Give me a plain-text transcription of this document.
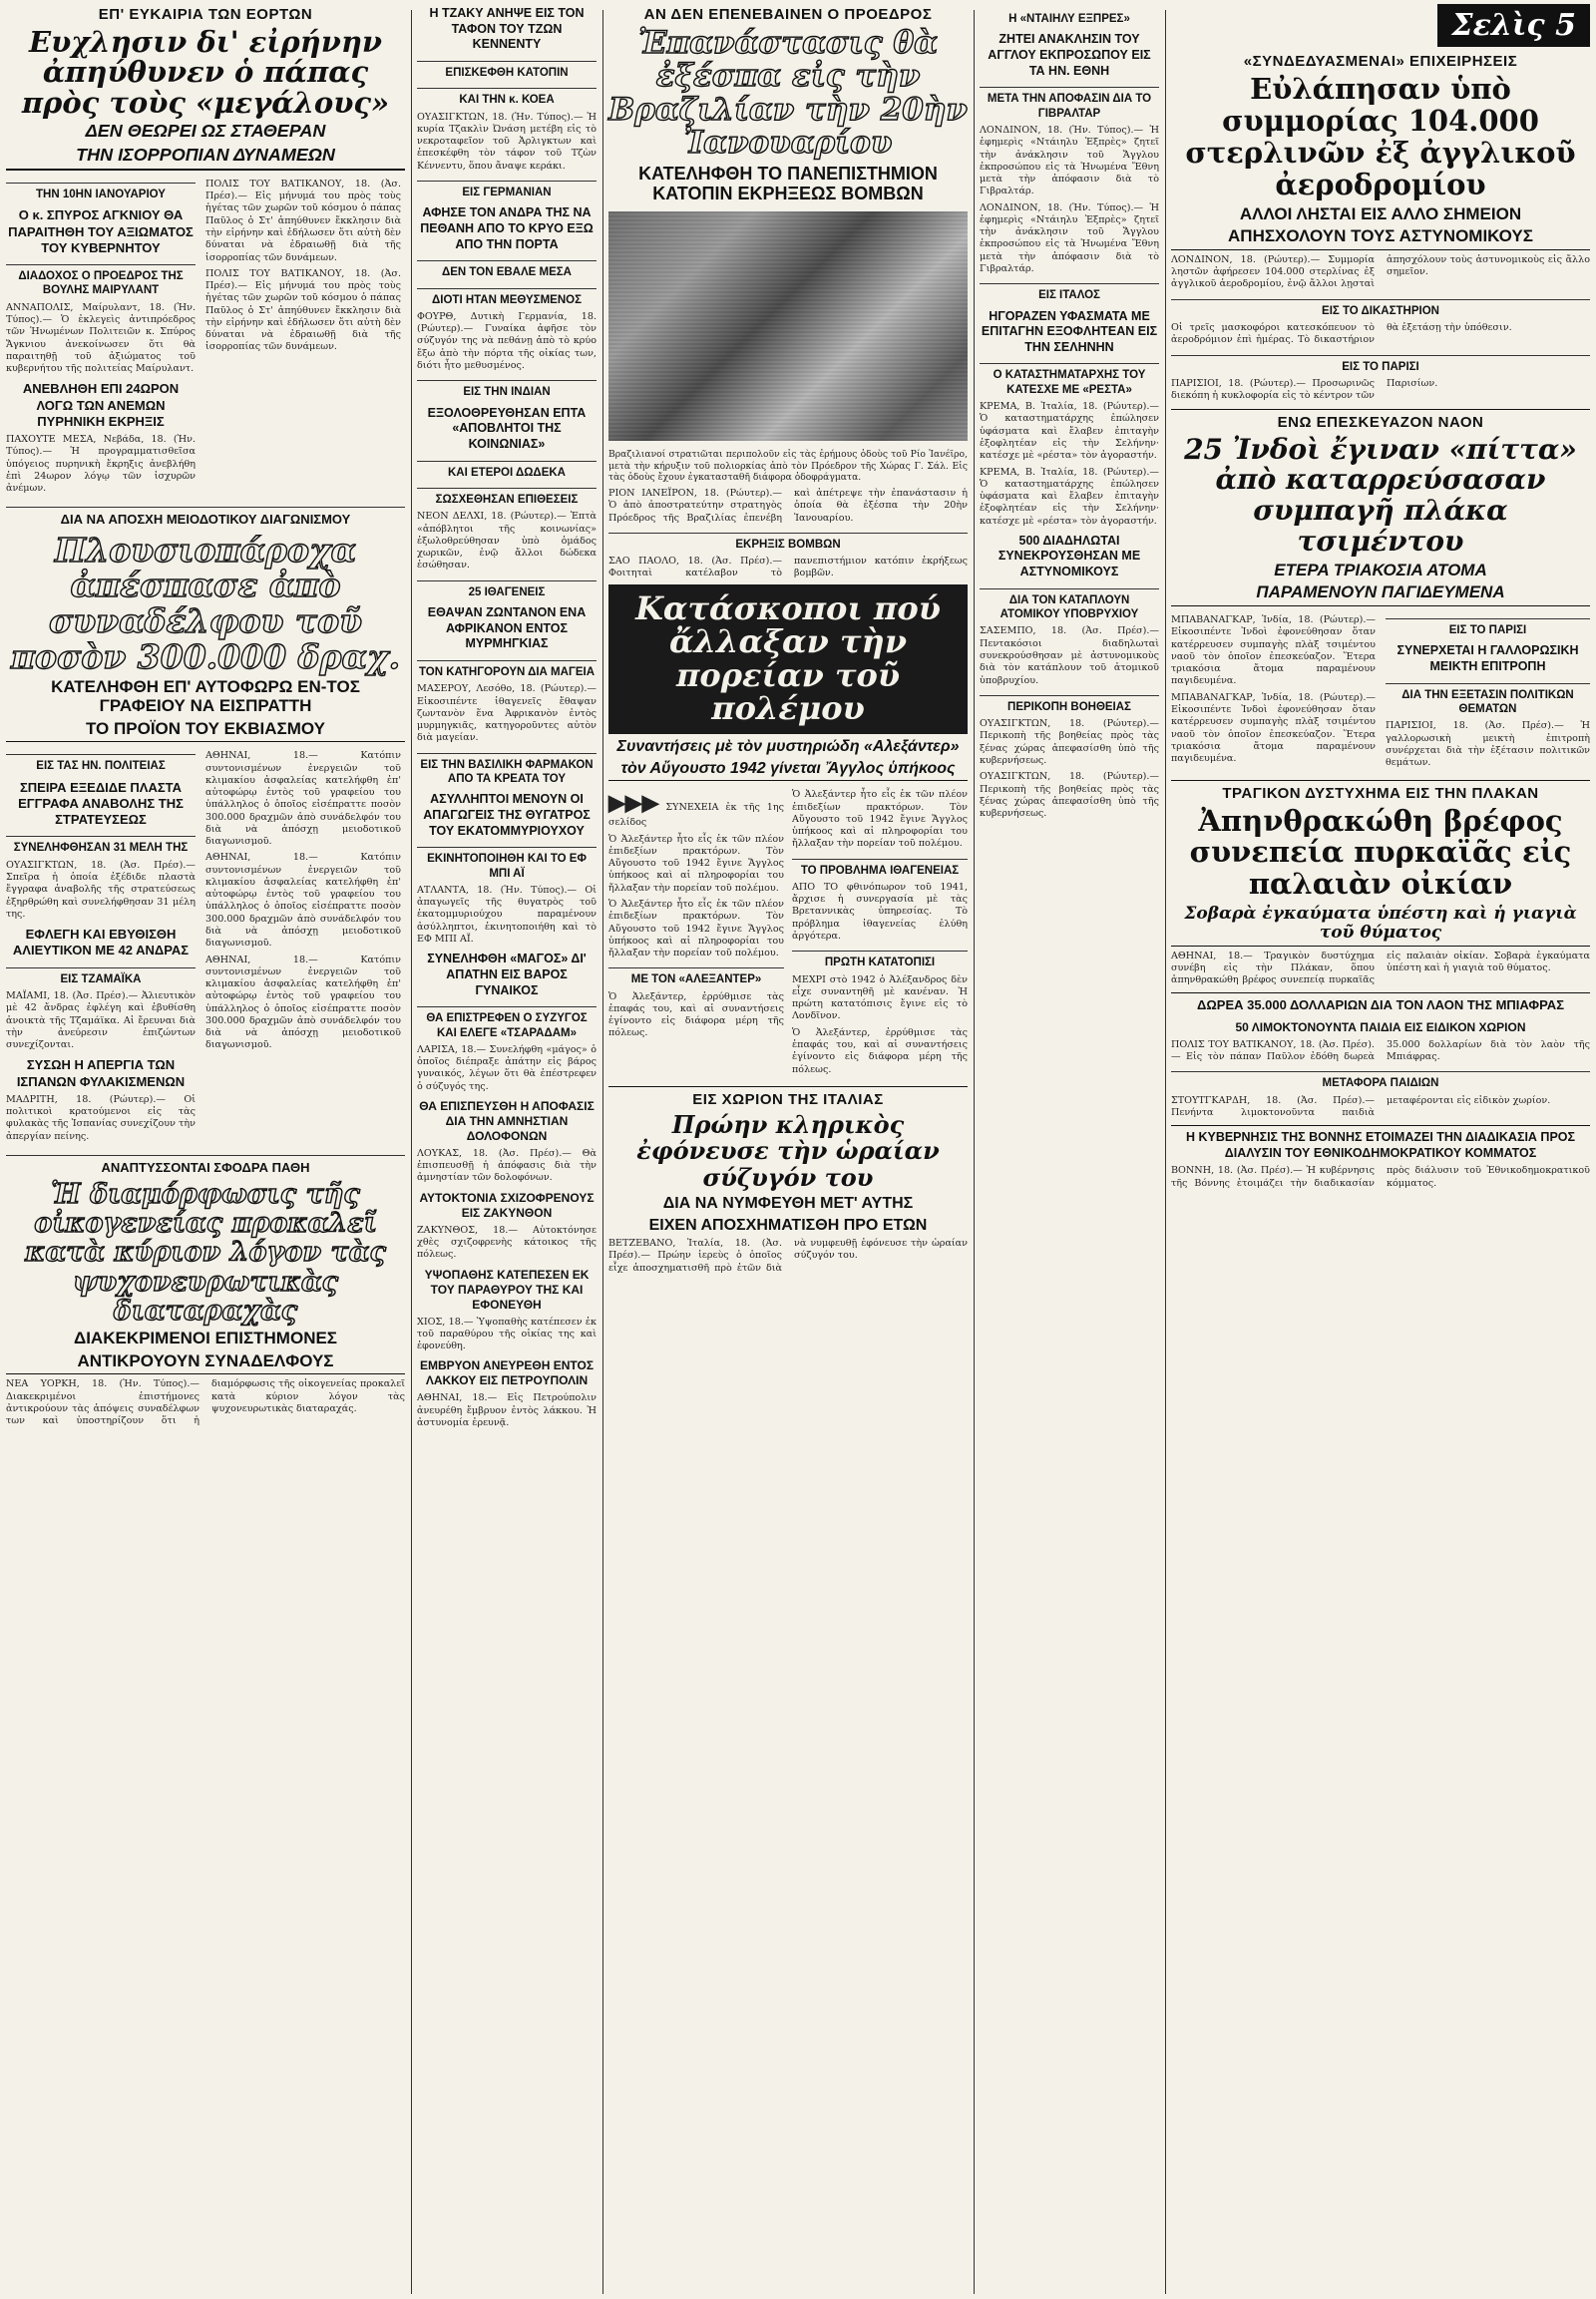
ΕΠ' ΕΥΚΑΙΡΙΑ ΤΩΝ ΕΟΡΤΩΝ
Ευχλησιν δι' εἰρήνην ἀπηύθυνεν ὁ πάπας πρὸς τοὺς «μεγάλους»
ΔΕΝ ΘΕΩΡΕΙ ΩΣ ΣΤΑΘΕΡΑΝ
ΤΗΝ ΙΣΟΡΡΟΠΙΑΝ ΔΥΝΑΜΕΩΝ
ΤΗΝ 10ΗΝ ΙΑΝΟΥΑΡΙΟΥ
Ο κ. ΣΠΥΡΟΣ ΑΓΚΝΙΟΥ ΘΑ ΠΑΡΑΙΤΗΘΗ ΤΟΥ ΑΞΙΩΜΑΤΟΣ ΤΟΥ ΚΥΒΕΡΝΗΤΟΥ
ΔΙΑΔΟΧΟΣ Ο ΠΡΟΕΔΡΟΣ ΤΗΣ ΒΟΥΛΗΣ ΜΑΙΡΥΛΑΝΤ
ΑΝΝΑΠΟΛΙΣ, Μαίρυλαντ, 18. (Ἡν. Τύπος).— Ὁ ἐκλεγεὶς ἀντιπρόεδρος τῶν Ἡνωμένων Πολιτειῶν κ. Σπύρος Ἄγκνιου ἀνεκοίνωσεν ὅτι θὰ παραιτηθῇ τοῦ ἀξιώματος τοῦ κυβερνήτου τῆς πολιτείας Μαίρυλαντ.
ΑΝΕΒΛΗΘΗ ΕΠΙ 24ΩΡΟΝ ΛΟΓΩ ΤΩΝ ΑΝΕΜΩΝ ΠΥΡΗΝΙΚΗ ΕΚΡΗΞΙΣ
ΠΑΧΟΥΤΕ ΜΕΣΑ, Νεβάδα, 18. (Ἡν. Τύπος).— Ἡ προγραμματισθεῖσα ὑπόγειος πυρηνικὴ ἔκρηξις ἀνεβλήθη ἐπὶ 24ωρον λόγῳ τῶν ἰσχυρῶν ἀνέμων.
ΠΟΛΙΣ ΤΟΥ ΒΑΤΙΚΑΝΟΥ, 18. (Ἀσ. Πρέσ).— Εἰς μήνυμά του πρὸς τοὺς ἡγέτας τῶν χωρῶν τοῦ κόσμου ὁ πάπας Παῦλος ὁ Στ' ἀπηύθυνεν ἔκκλησιν διὰ τὴν εἰρήνην καὶ ἐδήλωσεν ὅτι αὐτὴ δὲν δύναται νὰ ἐδραιωθῇ διὰ τῆς ἰσορροπίας τῶν δυνάμεων.
ΠΟΛΙΣ ΤΟΥ ΒΑΤΙΚΑΝΟΥ, 18. (Ἀσ. Πρέσ).— Εἰς μήνυμά του πρὸς τοὺς ἡγέτας τῶν χωρῶν τοῦ κόσμου ὁ πάπας Παῦλος ὁ Στ' ἀπηύθυνεν ἔκκλησιν διὰ τὴν εἰρήνην καὶ ἐδήλωσεν ὅτι αὐτὴ δὲν δύναται νὰ ἐδραιωθῇ διὰ τῆς ἰσορροπίας τῶν δυνάμεων.
ΔΙΑ ΝΑ ΑΠΟΣΧΗ ΜΕΙΟΔΟΤΙΚΟΥ ΔΙΑΓΩΝΙΣΜΟΥ
Πλουσιοπάροχα ἀπέσπασε ἀπὸ συναδέλφου τοῦ ποσὸν 300.000 δραχ.
ΚΑΤΕΛΗΦΘΗ ΕΠ' ΑΥΤΟΦΩΡΩ ΕΝ-ΤΟΣ ΓΡΑΦΕΙΟΥ ΝΑ ΕΙΣΠΡΑΤΤΗ
ΤΟ ΠΡΟΪΟΝ ΤΟΥ ΕΚΒΙΑΣΜΟΥ
ΕΙΣ ΤΑΣ ΗΝ. ΠΟΛΙΤΕΙΑΣ
ΣΠΕΙΡΑ ΕΞΕΔΙΔΕ ΠΛΑΣΤΑ ΕΓΓΡΑΦΑ ΑΝΑΒΟΛΗΣ ΤΗΣ ΣΤΡΑΤΕΥΣΕΩΣ
ΣΥΝΕΛΗΦΘΗΣΑΝ 31 ΜΕΛΗ ΤΗΣ
ΟΥΑΣΙΓΚΤΩΝ, 18. (Ἀσ. Πρέσ).— Σπεῖρα ἡ ὁποία ἐξέδιδε πλαστὰ ἔγγραφα ἀναβολῆς τῆς στρατεύσεως ἐξηρθρώθη καὶ συνελήφθησαν 31 μέλη της.
ΕΦΛΕΓΗ ΚΑΙ ΕΒΥΘΙΣΘΗ ΑΛΙΕΥΤΙΚΟΝ ΜΕ 42 ΑΝΔΡΑΣ
ΕΙΣ ΤΖΑΜΑΪΚΑ
ΜΑΪΑΜΙ, 18. (Ἀσ. Πρέσ).— Ἀλιευτικὸν μὲ 42 ἄνδρας ἐφλέγη καὶ ἐβυθίσθη ἀνοικτὰ τῆς Τζαμάϊκα. Αἱ ἔρευναι διὰ τὴν ἀνεύρεσιν ἐπιζώντων συνεχίζονται.
ΣΥΣΩΗ Η ΑΠΕΡΓΙΑ ΤΩΝ ΙΣΠΑΝΩΝ ΦΥΛΑΚΙΣΜΕΝΩΝ
ΜΑΔΡΙΤΗ, 18. (Ρώυτερ).— Οἱ πολιτικοὶ κρατούμενοι εἰς τὰς φυλακὰς τῆς Ἰσπανίας συνεχίζουν τὴν ἀπεργίαν πείνης.
ΑΘΗΝΑΙ, 18.— Κατόπιν συντονισμένων ἐνεργειῶν τοῦ κλιμακίου ἀσφαλείας κατελήφθη ἐπ' αὐτοφώρῳ ἐντὸς τοῦ γραφείου του ὑπάλληλος ὁ ὁποῖος εἰσέπραττε ποσὸν 300.000 δραχμῶν ἀπὸ συνάδελφόν του διὰ νὰ ἀπόσχῃ μειοδοτικοῦ διαγωνισμοῦ.
ΑΘΗΝΑΙ, 18.— Κατόπιν συντονισμένων ἐνεργειῶν τοῦ κλιμακίου ἀσφαλείας κατελήφθη ἐπ' αὐτοφώρῳ ἐντὸς τοῦ γραφείου του ὑπάλληλος ὁ ὁποῖος εἰσέπραττε ποσὸν 300.000 δραχμῶν ἀπὸ συνάδελφόν του διὰ νὰ ἀπόσχῃ μειοδοτικοῦ διαγωνισμοῦ.
ΑΘΗΝΑΙ, 18.— Κατόπιν συντονισμένων ἐνεργειῶν τοῦ κλιμακίου ἀσφαλείας κατελήφθη ἐπ' αὐτοφώρῳ ἐντὸς τοῦ γραφείου του ὑπάλληλος ὁ ὁποῖος εἰσέπραττε ποσὸν 300.000 δραχμῶν ἀπὸ συνάδελφόν του διὰ νὰ ἀπόσχῃ μειοδοτικοῦ διαγωνισμοῦ.
ΑΝΑΠΤΥΣΣΟΝΤΑΙ ΣΦΟΔΡΑ ΠΑΘΗ
Ἡ διαμόρφωσις τῆς οἰκογενείας προκαλεῖ κατὰ κύριον λόγον τὰς ψυχονευρωτικὰς διαταραχὰς
ΔΙΑΚΕΚΡΙΜΕΝΟΙ ΕΠΙΣΤΗΜΟΝΕΣ
ΑΝΤΙΚΡΟΥΟΥΝ ΣΥΝΑΔΕΛΦΟΥΣ
ΝΕΑ ΥΟΡΚΗ, 18. (Ἡν. Τύπος).— Διακεκριμένοι ἐπιστήμονες ἀντικρούουν τὰς ἀπόψεις συναδέλφων των καὶ ὑποστηρίζουν ὅτι ἡ διαμόρφωσις τῆς οἰκογενείας προκαλεῖ κατὰ κύριον λόγον τὰς ψυχονευρωτικὰς διαταραχάς.
Η ΤΖΑΚΥ ΑΝΗΨΕ ΕΙΣ ΤΟΝ ΤΑΦΟΝ ΤΟΥ ΤΖΩΝ ΚΕΝΝΕΝΤΥ
ΕΠΙΣΚΕΦΘΗ ΚΑΤΟΠΙΝ
ΚΑΙ ΤΗΝ κ. ΚΟΕΑ
ΟΥΑΣΙΓΚΤΩΝ, 18. (Ἡν. Τύπος).— Ἡ κυρία Τζακλὶν Ὠνάση μετέβη εἰς τὸ νεκροταφεῖον τοῦ Ἀρλιγκτων καὶ ἐπεσκέφθη τὸν τάφον τοῦ Τζὼν Κέννεντυ, ὅπου ἄναψε κεράκι.
ΕΙΣ ΓΕΡΜΑΝΙΑΝ
ΑΦΗΣΕ ΤΟΝ ΑΝΔΡΑ ΤΗΣ ΝΑ ΠΕΘΑΝΗ ΑΠΟ ΤΟ ΚΡΥΟ ΕΞΩ ΑΠΟ ΤΗΝ ΠΟΡΤΑ
ΔΕΝ ΤΟΝ ΕΒΑΛΕ ΜΕΣΑ
ΔΙΟΤΙ ΗΤΑΝ ΜΕΘΥΣΜΕΝΟΣ
ΦΟΥΡΘ, Δυτικὴ Γερμανία, 18. (Ρώυτερ).— Γυναίκα ἀφῆσε τὸν σύζυγόν της νὰ πεθάνῃ ἀπὸ τὸ κρύο ἔξω ἀπὸ τὴν πόρτα τῆς οἰκίας των, διότι ἦτο μεθυσμένος.
ΕΙΣ ΤΗΝ ΙΝΔΙΑΝ
ΕΞΟΛΟΘΡΕΥΘΗΣΑΝ ΕΠΤΑ «ΑΠΟΒΛΗΤΟΙ ΤΗΣ ΚΟΙΝΩΝΙΑΣ»
ΚΑΙ ΕΤΕΡΟΙ ΔΩΔΕΚΑ
ΣΩΣΧΕΘΗΣΑΝ ΕΠΙΘΕΣΕΙΣ
ΝΕΟΝ ΔΕΛΧΙ, 18. (Ρώυτερ).— Ἑπτὰ «ἀπόβλητοι τῆς κοινωνίας» ἐξωλοθρεύθησαν ὑπὸ ὁμάδος χωρικῶν, ἐνῷ ἄλλοι δώδεκα ἐσώθησαν.
25 ΙΘΑΓΕΝΕΙΣ
ΕΘΑΨΑΝ ΖΩΝΤΑΝΟΝ ΕΝΑ ΑΦΡΙΚΑΝΟΝ ΕΝΤΟΣ ΜΥΡΜΗΓΚΙΑΣ
ΤΟΝ ΚΑΤΗΓΟΡΟΥΝ ΔΙΑ ΜΑΓΕΙΑ
ΜΑΣΕΡΟΥ, Λεσόθο, 18. (Ρώυτερ).— Εἰκοσιπέντε ἰθαγενεῖς ἔθαψαν ζωντανὸν ἕνα Ἀφρικανὸν ἐντὸς μυρμηγκιᾶς, κατηγοροῦντες αὐτὸν διὰ μαγείαν.
ΕΙΣ ΤΗΝ ΒΑΣΙΛΙΚΗ ΦΑΡΜΑΚΟΝ ΑΠΟ ΤΑ ΚΡΕΑΤΑ ΤΟΥ
ΑΣΥΛΛΗΠΤΟΙ ΜΕΝΟΥΝ ΟΙ ΑΠΑΓΩΓΕΙΣ ΤΗΣ ΘΥΓΑΤΡΟΣ ΤΟΥ ΕΚΑΤΟΜΜΥΡΙΟΥΧΟΥ
ΕΚΙΝΗΤΟΠΟΙΗΘΗ ΚΑΙ ΤΟ ΕΦ ΜΠΙ ΑΪ
ΑΤΛΑΝΤΑ, 18. (Ἡν. Τύπος).— Οἱ ἀπαγωγεῖς τῆς θυγατρὸς τοῦ ἑκατομμυριούχου παραμένουν ἀσύλληπτοι, ἐκινητοποιήθη καὶ τὸ ΕΦ ΜΠΙ ΑΪ.
ΣΥΝΕΛΗΦΘΗ «ΜΑΓΟΣ» ΔΙ' ΑΠΑΤΗΝ ΕΙΣ ΒΑΡΟΣ ΓΥΝΑΙΚΟΣ
ΘΑ ΕΠΙΣΤΡΕΦΕΝ Ο ΣΥΖΥΓΟΣ ΚΑΙ ΕΛΕΓΕ «ΤΣΑΡΑΔΑΜ»
ΛΑΡΙΣΑ, 18.— Συνελήφθη «μάγος» ὁ ὁποῖος διέπραξε ἀπάτην εἰς βάρος γυναικός, λέγων ὅτι θὰ ἐπέστρεφεν ὁ σύζυγός της.
ΘΑ ΕΠΙΣΠΕΥΣΘΗ Η ΑΠΟΦΑΣΙΣ ΔΙΑ ΤΗΝ ΑΜΝΗΣΤΙΑΝ ΔΟΛΟΦΟΝΩΝ
ΛΟΥΚΑΣ, 18. (Ἀσ. Πρέσ).— Θὰ ἐπισπευσθῇ ἡ ἀπόφασις διὰ τὴν ἀμνηστίαν τῶν δολοφόνων.
ΑΥΤΟΚΤΟΝΙΑ ΣΧΙΖΟΦΡΕΝΟΥΣ ΕΙΣ ΖΑΚΥΝΘΟΝ
ΖΑΚΥΝΘΟΣ, 18.— Αὐτοκτόνησε χθὲς σχιζοφρενὴς κάτοικος τῆς πόλεως.
ΥΨΟΠΑΘΗΣ ΚΑΤΕΠΕΣΕΝ ΕΚ ΤΟΥ ΠΑΡΑΘΥΡΟΥ ΤΗΣ ΚΑΙ ΕΦΟΝΕΥΘΗ
ΧΙΟΣ, 18.— Ὑψοπαθὴς κατέπεσεν ἐκ τοῦ παραθύρου τῆς οἰκίας της καὶ ἐφονεύθη.
ΕΜΒΡΥΟΝ ΑΝΕΥΡΕΘΗ ΕΝΤΟΣ ΛΑΚΚΟΥ ΕΙΣ ΠΕΤΡΟΥΠΟΛΙΝ
ΑΘΗΝΑΙ, 18.— Εἰς Πετρούπολιν ἀνευρέθη ἔμβρυον ἐντὸς λάκκου. Ἡ ἀστυνομία ἐρευνᾷ.
ΑΝ ΔΕΝ ΕΠΕΝΕΒΑΙΝΕΝ Ο ΠΡΟΕΔΡΟΣ
Ἐπανάστασις θὰ ἐξέσπα εἰς τὴν Βραζιλίαν τὴν 20ὴν Ἰανουαρίου
ΚΑΤΕΛΗΦΘΗ ΤΟ ΠΑΝΕΠΙΣΤΗΜΙΟΝ ΚΑΤΟΠΙΝ ΕΚΡΗΞΕΩΣ ΒΟΜΒΩΝ
Βραζιλιανοί στρατιῶται περιπολοῦν εἰς τὰς ἐρήμους ὁδοὺς τοῦ Ρίο Ἰανέϊρο, μετὰ τὴν κήρυξιν τοῦ πολιορκίας ἀπὸ τὸν Πρόεδρον τῆς Χώρας Γ. Σάλ. Εἰς τὰς ὁδοὺς ἔχουν ἐγκατασταθῆ διάφορα ὀδοφράγματα.
ΡΙΟΝ ΙΑΝΕΪΡΟΝ, 18. (Ρώυτερ).— Ὁ ἀπὸ ἀποστρατεύτην στρατηγὸς Πρόεδρος τῆς Βραζιλίας ἐπενέβη καὶ ἀπέτρεψε τὴν ἐπανάστασιν ἡ ὁποία θὰ ἐξέσπα τὴν 20ὴν Ἰανουαρίου.
ΕΚΡΗΞΙΣ ΒΟΜΒΩΝ
ΣΑΟ ΠΑΟΛΟ, 18. (Ἀσ. Πρέσ).— Φοιτηταὶ κατέλαβον τὸ πανεπιστήμιον κατόπιν ἐκρήξεως βομβῶν.
Κατάσκοποι πού ἄλλαξαν τὴν πορείαν τοῦ πολέμου
Συναντήσεις μὲ τὸν μυστηριώδη «Αλεξάντερ»
τὸν Αὔγουστο 1942 γίνεται Ἄγγλος ὑπήκοος
▶▶▶ ΣΥΝΕΧΕΙΑ ἐκ τῆς 1ης σελίδος
Ὁ Ἀλεξάντερ ἦτο εἷς ἐκ τῶν πλέον ἐπιδεξίων πρακτόρων. Τὸν Αὔγουστο τοῦ 1942 ἔγινε Ἄγγλος ὑπήκοος καὶ αἱ πληροφορίαι του ἤλλαξαν τὴν πορείαν τοῦ πολέμου.
Ὁ Ἀλεξάντερ ἦτο εἷς ἐκ τῶν πλέον ἐπιδεξίων πρακτόρων. Τὸν Αὔγουστο τοῦ 1942 ἔγινε Ἄγγλος ὑπήκοος καὶ αἱ πληροφορίαι του ἤλλαξαν τὴν πορείαν τοῦ πολέμου.
ΜΕ ΤΟΝ «ΑΛΕΞΑΝΤΕΡ»
Ὁ Ἀλεξάντερ, ἐρρύθμισε τὰς ἐπαφάς του, καὶ αἱ συναντήσεις ἐγίνοντο εἰς διάφορα μέρη τῆς πόλεως.
Ὁ Ἀλεξάντερ ἦτο εἷς ἐκ τῶν πλέον ἐπιδεξίων πρακτόρων. Τὸν Αὔγουστο τοῦ 1942 ἔγινε Ἄγγλος ὑπήκοος καὶ αἱ πληροφορίαι του ἤλλαξαν τὴν πορείαν τοῦ πολέμου.
ΤΟ ΠΡΟΒΛΗΜΑ ΙΘΑΓΕΝΕΙΑΣ
ΑΠΟ ΤΟ φθινόπωρον τοῦ 1941, ἄρχισε ἡ συνεργασία μὲ τὰς Βρεταννικὰς ὑπηρεσίας. Τὸ πρόβλημα ἰθαγενείας ἐλύθη ἀργότερα.
ΠΡΩΤΗ ΚΑΤΑΤΟΠΙΣΙ
ΜΕΧΡΙ στὸ 1942 ὁ Ἀλέξανδρος δὲν εἶχε συναντηθῆ μὲ κανέναν. Ἡ πρώτη κατατόπισις ἔγινε εἰς τὸ Λονδῖνον.
Ὁ Ἀλεξάντερ, ἐρρύθμισε τὰς ἐπαφάς του, καὶ αἱ συναντήσεις ἐγίνοντο εἰς διάφορα μέρη τῆς πόλεως.
ΕΙΣ ΧΩΡΙΟΝ ΤΗΣ ΙΤΑΛΙΑΣ
Πρώην κληρικὸς ἐφόνευσε τὴν ὡραίαν σύζυγόν του
ΔΙΑ ΝΑ ΝΥΜΦΕΥΘΗ ΜΕΤ' ΑΥΤΗΣ
ΕΙΧΕΝ ΑΠΟΣΧΗΜΑΤΙΣΘΗ ΠΡΟ ΕΤΩΝ
ΒΕΤΖΕΒΑΝΟ, Ἰταλία, 18. (Ἀσ. Πρέσ).— Πρώην ἱερεὺς ὁ ὁποῖος εἶχε ἀποσχηματισθῆ πρὸ ἐτῶν διὰ νὰ νυμφευθῇ ἐφόνευσε τὴν ὡραίαν σύζυγόν του.
Η «ΝΤΑΙΗΛΥ ΕΞΠΡΕΣ»
ΖΗΤΕΙ ΑΝΑΚΛΗΣΙΝ ΤΟΥ ΑΓΓΛΟΥ ΕΚΠΡΟΣΩΠΟΥ ΕΙΣ ΤΑ ΗΝ. ΕΘΝΗ
ΜΕΤΑ ΤΗΝ ΑΠΟΦΑΣΙΝ ΔΙΑ ΤΟ ΓΙΒΡΑΛΤΑΡ
ΛΟΝΔΙΝΟΝ, 18. (Ἡν. Τύπος).— Ἡ ἐφημερὶς «Ντάιηλυ Ἐξπρὲς» ζητεῖ τὴν ἀνάκλησιν τοῦ Ἄγγλου ἐκπροσώπου εἰς τὰ Ἡνωμένα Ἔθνη μετὰ τὴν ἀπόφασιν διὰ τὸ Γιβραλτάρ.
ΛΟΝΔΙΝΟΝ, 18. (Ἡν. Τύπος).— Ἡ ἐφημερὶς «Ντάιηλυ Ἐξπρὲς» ζητεῖ τὴν ἀνάκλησιν τοῦ Ἄγγλου ἐκπροσώπου εἰς τὰ Ἡνωμένα Ἔθνη μετὰ τὴν ἀπόφασιν διὰ τὸ Γιβραλτάρ.
ΕΙΣ ΙΤΑΛΟΣ
ΗΓΟΡΑΖΕΝ ΥΦΑΣΜΑΤΑ ΜΕ ΕΠΙΤΑΓΗΝ ΕΞΟΦΛΗΤΕΑΝ ΕΙΣ ΤΗΝ ΣΕΛΗΝΗΝ
Ο ΚΑΤΑΣΤΗΜΑΤΑΡΧΗΣ ΤΟΥ ΚΑΤΕΣΧΕ ΜΕ «ΡΕΣΤΑ»
ΚΡΕΜΑ, Β. Ἰταλία, 18. (Ρώυτερ).— Ὁ καταστηματάρχης ἐπώλησεν ὑφάσματα καὶ ἔλαβεν ἐπιταγὴν ἐξοφλητέαν εἰς τὴν Σελήνην· κατέσχε μὲ «ρέστα» τὸν ἀγοραστήν.
ΚΡΕΜΑ, Β. Ἰταλία, 18. (Ρώυτερ).— Ὁ καταστηματάρχης ἐπώλησεν ὑφάσματα καὶ ἔλαβεν ἐπιταγὴν ἐξοφλητέαν εἰς τὴν Σελήνην· κατέσχε μὲ «ρέστα» τὸν ἀγοραστήν.
500 ΔΙΑΔΗΛΩΤΑΙ ΣΥΝΕΚΡΟΥΣΘΗΣΑΝ ΜΕ ΑΣΤΥΝΟΜΙΚΟΥΣ
ΔΙΑ ΤΟΝ ΚΑΤΑΠΛΟΥΝ ΑΤΟΜΙΚΟΥ ΥΠΟΒΡΥΧΙΟΥ
ΣΑΣΕΜΠΟ, 18. (Ἀσ. Πρέσ).— Πεντακόσιοι διαδηλωταὶ συνεκρούσθησαν μὲ ἀστυνομικοὺς διὰ τὸν κατάπλουν τοῦ ἀτομικοῦ ὑποβρυχίου.
ΠΕΡΙΚΟΠΗ ΒΟΗΘΕΙΑΣ
ΟΥΑΣΙΓΚΤΩΝ, 18. (Ρώυτερ).— Περικοπὴ τῆς βοηθείας πρὸς τὰς ξένας χώρας ἀπεφασίσθη ὑπὸ τῆς κυβερνήσεως.
ΟΥΑΣΙΓΚΤΩΝ, 18. (Ρώυτερ).— Περικοπὴ τῆς βοηθείας πρὸς τὰς ξένας χώρας ἀπεφασίσθη ὑπὸ τῆς κυβερνήσεως.
Σελὶς 5
«ΣΥΝΔΕΔΥΑΣΜΕΝΑΙ» ΕΠΙΧΕΙΡΗΣΕΙΣ
Εὐλάπησαν ὑπὸ συμμορίας 104.000 στερλινῶν ἐξ ἀγγλικοῦ ἀεροδρομίου
ΑΛΛΟΙ ΛΗΣΤΑΙ ΕΙΣ ΑΛΛΟ ΣΗΜΕΙΟΝ
ΑΠΗΣΧΟΛΟΥΝ ΤΟΥΣ ΑΣΤΥΝΟΜΙΚΟΥΣ
ΛΟΝΔΙΝΟΝ, 18. (Ρώυτερ).— Συμμορία ληστῶν ἀφήρεσεν 104.000 στερλίνας ἐξ ἀγγλικοῦ ἀεροδρομίου, ἐνῷ ἄλλοι λῃσταὶ ἀπησχόλουν τοὺς ἀστυνομικοὺς εἰς ἄλλο σημεῖον.
ΕΙΣ ΤΟ ΔΙΚΑΣΤΗΡΙΟΝ
Οἱ τρεῖς μασκοφόροι κατεσκόπευον τὸ ἀεροδρόμιον ἐπὶ ἡμέρας. Τὸ δικαστήριον θὰ ἐξετάσῃ τὴν ὑπόθεσιν.
ΕΙΣ ΤΟ ΠΑΡΙΣΙ
ΠΑΡΙΣΙΟΙ, 18. (Ρώυτερ).— Προσωρινῶς διεκόπη ἡ κυκλοφορία εἰς τὸ κέντρον τῶν Παρισίων.
ΕΝΩ ΕΠΕΣΚΕΥΑΖΟΝ ΝΑΟΝ
25 Ἰνδοὶ ἔγιναν «πίττα» ἀπὸ καταρρεύσασαν συμπαγῆ πλάκα τσιμέντου
ΕΤΕΡΑ ΤΡΙΑΚΟΣΙΑ ΑΤΟΜΑ
ΠΑΡΑΜΕΝΟΥΝ ΠΑΓΙΔΕΥΜΕΝΑ
ΜΠΑΒΑΝΑΓΚΑΡ, Ἰνδία, 18. (Ρώυτερ).— Εἰκοσιπέντε Ἰνδοὶ ἐφονεύθησαν ὅταν κατέρρευσεν συμπαγὴς πλὰξ τσιμέντου ναοῦ τὸν ὁποῖον ἐπεσκεύαζον. Ἕτερα τριακόσια ἄτομα παραμένουν παγιδευμένα.
ΜΠΑΒΑΝΑΓΚΑΡ, Ἰνδία, 18. (Ρώυτερ).— Εἰκοσιπέντε Ἰνδοὶ ἐφονεύθησαν ὅταν κατέρρευσεν συμπαγὴς πλὰξ τσιμέντου ναοῦ τὸν ὁποῖον ἐπεσκεύαζον. Ἕτερα τριακόσια ἄτομα παραμένουν παγιδευμένα.
ΕΙΣ ΤΟ ΠΑΡΙΣΙ
ΣΥΝΕΡΧΕΤΑΙ Η ΓΑΛΛΟΡΩΣΙΚΗ ΜΕΙΚΤΗ ΕΠΙΤΡΟΠΗ
ΔΙΑ ΤΗΝ ΕΞΕΤΑΣΙΝ ΠΟΛΙΤΙΚΩΝ ΘΕΜΑΤΩΝ
ΠΑΡΙΣΙΟΙ, 18. (Ἀσ. Πρέσ).— Ἡ γαλλορωσικὴ μεικτὴ ἐπιτροπὴ συνέρχεται διὰ τὴν ἐξέτασιν πολιτικῶν θεμάτων.
ΤΡΑΓΙΚΟΝ ΔΥΣΤΥΧΗΜΑ ΕΙΣ ΤΗΝ ΠΛΑΚΑΝ
Ἀπηνθρακώθη βρέφος συνεπεία πυρκαϊᾶς εἰς παλαιὰν οἰκίαν
Σοβαρὰ ἐγκαύματα ὑπέστη καὶ ἡ γιαγιὰ τοῦ θύματος
ΑΘΗΝΑΙ, 18.— Τραγικὸν δυστύχημα συνέβη εἰς τὴν Πλάκαν, ὅπου ἀπηνθρακώθη βρέφος συνεπείᾳ πυρκαϊᾶς εἰς παλαιὰν οἰκίαν. Σοβαρὰ ἐγκαύματα ὑπέστη καὶ ἡ γιαγιὰ τοῦ θύματος.
ΔΩΡΕΑ 35.000 ΔΟΛΛΑΡΙΩΝ ΔΙΑ ΤΟΝ ΛΑΟΝ ΤΗΣ ΜΠΙΑΦΡΑΣ
50 ΛΙΜΟΚΤΟΝΟΥΝΤΑ ΠΑΙΔΙΑ ΕΙΣ ΕΙΔΙΚΟΝ ΧΩΡΙΟΝ
ΠΟΛΙΣ ΤΟΥ ΒΑΤΙΚΑΝΟΥ, 18. (Ἀσ. Πρέσ).— Εἰς τὸν πάπαν Παῦλον ἐδόθη δωρεὰ 35.000 δολλαρίων διὰ τὸν λαὸν τῆς Μπιάφρας.
ΜΕΤΑΦΟΡΑ ΠΑΙΔΙΩΝ
ΣΤΟΥΤΓΚΑΡΔΗ, 18. (Ἀσ. Πρέσ).— Πενήντα λιμοκτονοῦντα παιδιὰ μεταφέρονται εἰς εἰδικὸν χωρίον.
Η ΚΥΒΕΡΝΗΣΙΣ ΤΗΣ ΒΟΝΝΗΣ ΕΤΟΙΜΑΖΕΙ ΤΗΝ ΔΙΑΔΙΚΑΣΙΑ ΠΡΟΣ ΔΙΑΛΥΣΙΝ ΤΟΥ ΕΘΝΙΚΟΔΗΜΟΚΡΑΤΙΚΟΥ ΚΟΜΜΑΤΟΣ
ΒΟΝΝΗ, 18. (Ἀσ. Πρέσ).— Ἡ κυβέρνησις τῆς Βόννης ἑτοιμάζει τὴν διαδικασίαν πρὸς διάλυσιν τοῦ Ἐθνικοδημοκρατικοῦ κόμματος.
